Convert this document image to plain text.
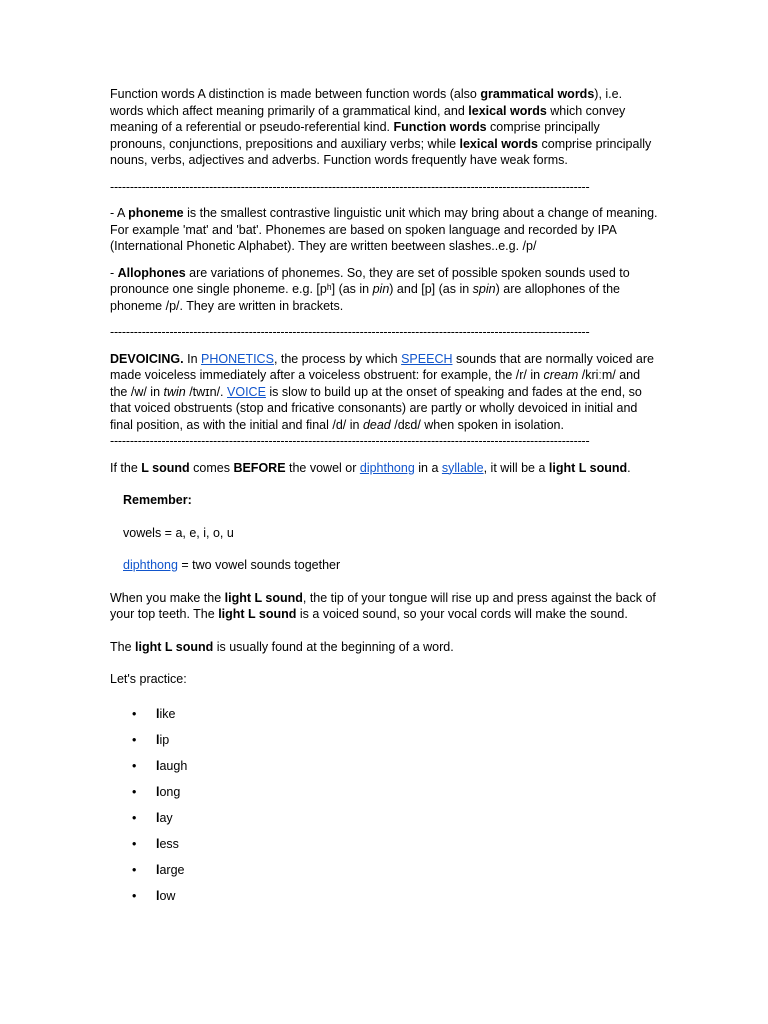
Function words A distinction is made between function words (also grammatical words), i.e. words which affect meaning primarily of a grammatical kind, and lexical words which convey meaning of a referential or pseudo-referential kind. Function words comprise principally pronouns, conjunctions, prepositions and auxiliary verbs; while lexical words comprise principally nouns, verbs, adjectives and adverbs. Function words frequently have weak forms.

-------------------------------------------------------------------------------------------------------------------------

- A phoneme is the smallest contrastive linguistic unit which may bring about a change of meaning. For example 'mat' and 'bat'. Phonemes are based on spoken language and recorded by IPA (International Phonetic Alphabet). They are written beetween slashes..e.g. /p/

- Allophones are variations of phonemes. So, they are set of possible spoken sounds used to pronounce one single phoneme. e.g. [pʰ] (as in pin) and [p] (as in spin) are allophones of the phoneme /p/. They are written in brackets.

-------------------------------------------------------------------------------------------------------------------------

DEVOICING. In PHONETICS, the process by which SPEECH sounds that are normally voiced are made voiceless immediately after a voiceless obstruent: for example, the /r/ in cream /kriːm/ and the /w/ in twin /twɪn/. VOICE is slow to build up at the onset of speaking and fades at the end, so that voiced obstruents (stop and fricative consonants) are partly or wholly devoiced in initial and final position, as with the initial and final /d/ in dead /dɛd/ when spoken in isolation.

-------------------------------------------------------------------------------------------------------------------------

If the L sound comes BEFORE the vowel or diphthong in a syllable, it will be a light L sound.

Remember:

vowels = a, e, i, o, u

diphthong = two vowel sounds together

When you make the light L sound, the tip of your tongue will rise up and press against the back of your top teeth. The light L sound is a voiced sound, so your vocal cords will make the sound.

The light L sound is usually found at the beginning of a word.

Let's practice:

• like
• lip
• laugh
• long
• lay
• less
• large
• low
